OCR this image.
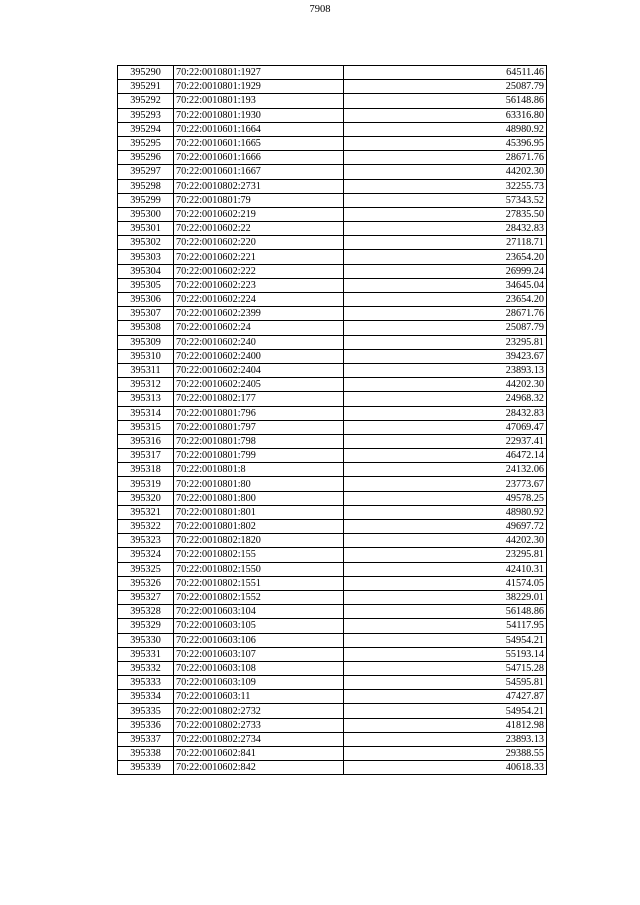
7908
395290	70:22:0010801:1927	64511.46
395291	70:22:0010801:1929	25087.79
395292	70:22:0010801:193	56148.86
395293	70:22:0010801:1930	63316.80
395294	70:22:0010601:1664	48980.92
395295	70:22:0010601:1665	45396.95
395296	70:22:0010601:1666	28671.76
395297	70:22:0010601:1667	44202.30
395298	70:22:0010802:2731	32255.73
395299	70:22:0010801:79	57343.52
395300	70:22:0010602:219	27835.50
395301	70:22:0010602:22	28432.83
395302	70:22:0010602:220	27118.71
395303	70:22:0010602:221	23654.20
395304	70:22:0010602:222	26999.24
395305	70:22:0010602:223	34645.04
395306	70:22:0010602:224	23654.20
395307	70:22:0010602:2399	28671.76
395308	70:22:0010602:24	25087.79
395309	70:22:0010602:240	23295.81
395310	70:22:0010602:2400	39423.67
395311	70:22:0010602:2404	23893.13
395312	70:22:0010602:2405	44202.30
395313	70:22:0010802:177	24968.32
395314	70:22:0010801:796	28432.83
395315	70:22:0010801:797	47069.47
395316	70:22:0010801:798	22937.41
395317	70:22:0010801:799	46472.14
395318	70:22:0010801:8	24132.06
395319	70:22:0010801:80	23773.67
395320	70:22:0010801:800	49578.25
395321	70:22:0010801:801	48980.92
395322	70:22:0010801:802	49697.72
395323	70:22:0010802:1820	44202.30
395324	70:22:0010802:155	23295.81
395325	70:22:0010802:1550	42410.31
395326	70:22:0010802:1551	41574.05
395327	70:22:0010802:1552	38229.01
395328	70:22:0010603:104	56148.86
395329	70:22:0010603:105	54117.95
395330	70:22:0010603:106	54954.21
395331	70:22:0010603:107	55193.14
395332	70:22:0010603:108	54715.28
395333	70:22:0010603:109	54595.81
395334	70:22:0010603:11	47427.87
395335	70:22:0010802:2732	54954.21
395336	70:22:0010802:2733	41812.98
395337	70:22:0010802:2734	23893.13
395338	70:22:0010602:841	29388.55
395339	70:22:0010602:842	40618.33
